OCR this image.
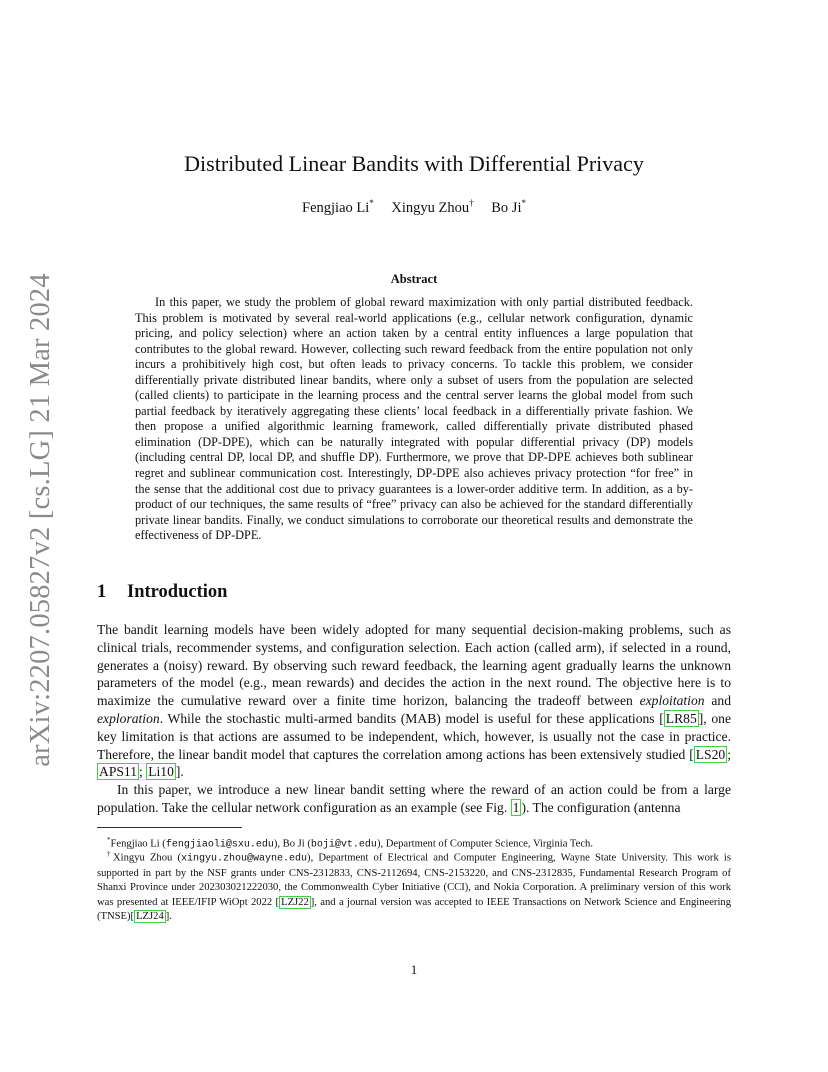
arXiv:2207.05827v2 [cs.LG] 21 Mar 2024
Distributed Linear Bandits with Differential Privacy
Fengjiao Li* Xingyu Zhou† Bo Ji*
Abstract

In this paper, we study the problem of global reward maximization with only partial distributed feedback. This problem is motivated by several real-world applications (e.g., cellular network configuration, dynamic pricing, and policy selection) where an action taken by a central entity influences a large population that contributes to the global reward. However, collecting such reward feedback from the entire population not only incurs a prohibitively high cost, but often leads to privacy concerns. To tackle this problem, we consider differentially private distributed linear bandits, where only a subset of users from the population are selected (called clients) to participate in the learning process and the central server learns the global model from such partial feedback by iteratively aggregating these clients’ local feedback in a differentially private fashion. We then propose a unified algorithmic learning framework, called differentially private distributed phased elimination (DP-DPE), which can be naturally integrated with popular differential privacy (DP) models (including central DP, local DP, and shuffle DP). Furthermore, we prove that DP-DPE achieves both sublinear regret and sublinear communication cost. Interestingly, DP-DPE also achieves privacy protection “for free” in the sense that the additional cost due to privacy guarantees is a lower-order additive term. In addition, as a by-product of our techniques, the same results of “free” privacy can also be achieved for the standard differentially private linear bandits. Finally, we conduct simulations to corroborate our theoretical results and demonstrate the effectiveness of DP-DPE.

1 Introduction

The bandit learning models have been widely adopted for many sequential decision-making problems, such as clinical trials, recommender systems, and configuration selection. Each action (called arm), if selected in a round, generates a (noisy) reward. By observing such reward feedback, the learning agent gradually learns the unknown parameters of the model (e.g., mean rewards) and decides the action in the next round. The objective here is to maximize the cumulative reward over a finite time horizon, balancing the tradeoff between exploitation and exploration. While the stochastic multi-armed bandits (MAB) model is useful for these applications [ LR85 ], one key limitation is that actions are assumed to be independent, which, however, is usually not the case in practice. Therefore, the linear bandit model that captures the correlation among actions has been extensively studied [ LS20 ; APS11 ; Li10 ].

In this paper, we introduce a new linear bandit setting where the reward of an action could be from a large population. Take the cellular network configuration as an example (see Fig. 1 ). The configuration (antenna

*Fengjiao Li (fengjiaoli@sxu.edu), Bo Ji (boji@vt.edu), Department of Computer Science, Virginia Tech.

†Xingyu Zhou (xingyu.zhou@wayne.edu), Department of Electrical and Computer Engineering, Wayne State University. This work is supported in part by the NSF grants under CNS-2312833, CNS-2112694, CNS-2153220, and CNS-2312835, Fundamental Research Program of Shanxi Province under 202303021222030, the Commonwealth Cyber Initiative (CCI), and Nokia Corporation. A preliminary version of this work was presented at IEEE/IFIP WiOpt 2022 [ LZJ22 ], and a journal version was accepted to IEEE Transactions on Network Science and Engineering (TNSE)[ LZJ24 ].

1
